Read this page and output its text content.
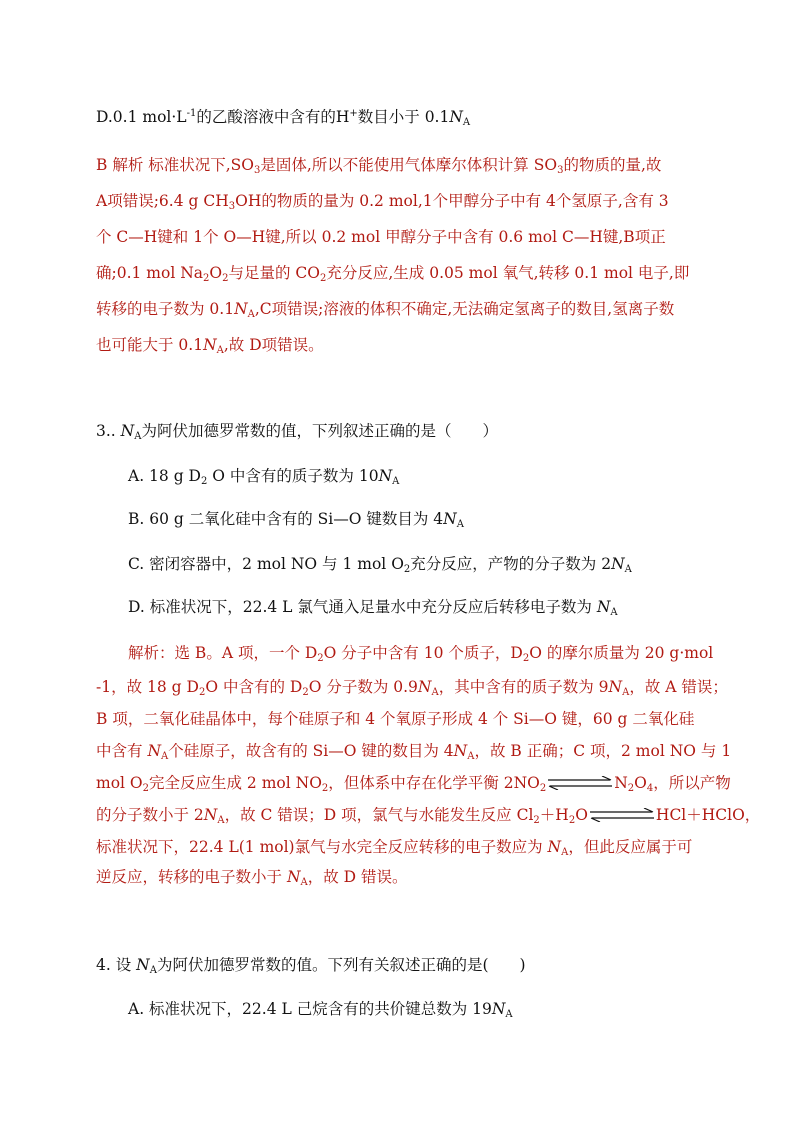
D.0.1 $mol\cdot L^{-1}$的乙酸溶液中含有的H+数目小于 $0.1N_A$
B 解析 标准状况下$,SO_3$是固体,所以不能使用气体摩尔体积计算 $SO_3$的物质的量,故
A项错误;6.4 g $CH_3OH$的物质的量为 0.2 mol,1个甲醇分子中有 4个氢原子,含有 3
个 C—H键和 1个 O—H键,所以 0.2 mol 甲醇分子中含有 0.6 mol C—H键,B项正
确;0.1 mol $Na_2O_2$与足量的 $CO_2$充分反应,生成 0.05 mol 氧气,转移 0.1 mol 电子,即
转移的电子数为 $0.1N_A,C$项错误;溶液的体积不确定,无法确定氢离子的数目,氢离子数
也可能大于 $0.1N_A$,故 D项错误。
3.. $N_A$为阿伏加德罗常数的值，下列叙述正确的是（　　）
A. 18 g $D_2$ O 中含有的质子数为 $10N_A$
B. 60 g 二氧化硅中含有的 Si—O 键数目为 $4N_A$
C. 密闭容器中，2 mol NO 与 1 mol $O_2$充分反应，产物的分子数为 $2N_A$
D. 标准状况下，22.4 L 氯气通入足量水中充分反应后转移电子数为 $N_A$
解析：选 B。A 项，一个 $D_2O$ 分子中含有 10 个质子，$D_2O$ 的摩尔质量为 20 g·mol
-1，故 18 g $D_2O$ 中含有的 $D_2O$ 分子数为 $0.9N_A$，其中含有的质子数为 $9N_A$，故 A 错误；
B 项，二氧化硅晶体中，每个硅原子和 4 个氧原子形成 4 个 Si—O 键，60 g 二氧化硅
中含有 $N_A$个硅原子，故含有的 Si—O 键的数目为 $4N_A$，故 B 正确；C 项，2 mol NO 与 1
mol $O_2$完全反应生成 2 mol $NO_2$，但体系中存在化学平衡 $2NO_2$	$N_2O_4$，所以产物
的分子数小于 $2N_A$，故 C 错误；D 项，氯气与水能发生反应 $Cl_2+H_2O$	HCl＋HClO，
标准状况下，22.4 L(1 mol)氯气与水完全反应转移的电子数应为 $N_A$，但此反应属于可
逆反应，转移的电子数小于 $N_A$，故 D 错误。
4. 设 $N_A$为阿伏加德罗常数的值。下列有关叙述正确的是(　　)
A. 标准状况下，22.4 L 己烷含有的共价键总数为 $19N_A$
